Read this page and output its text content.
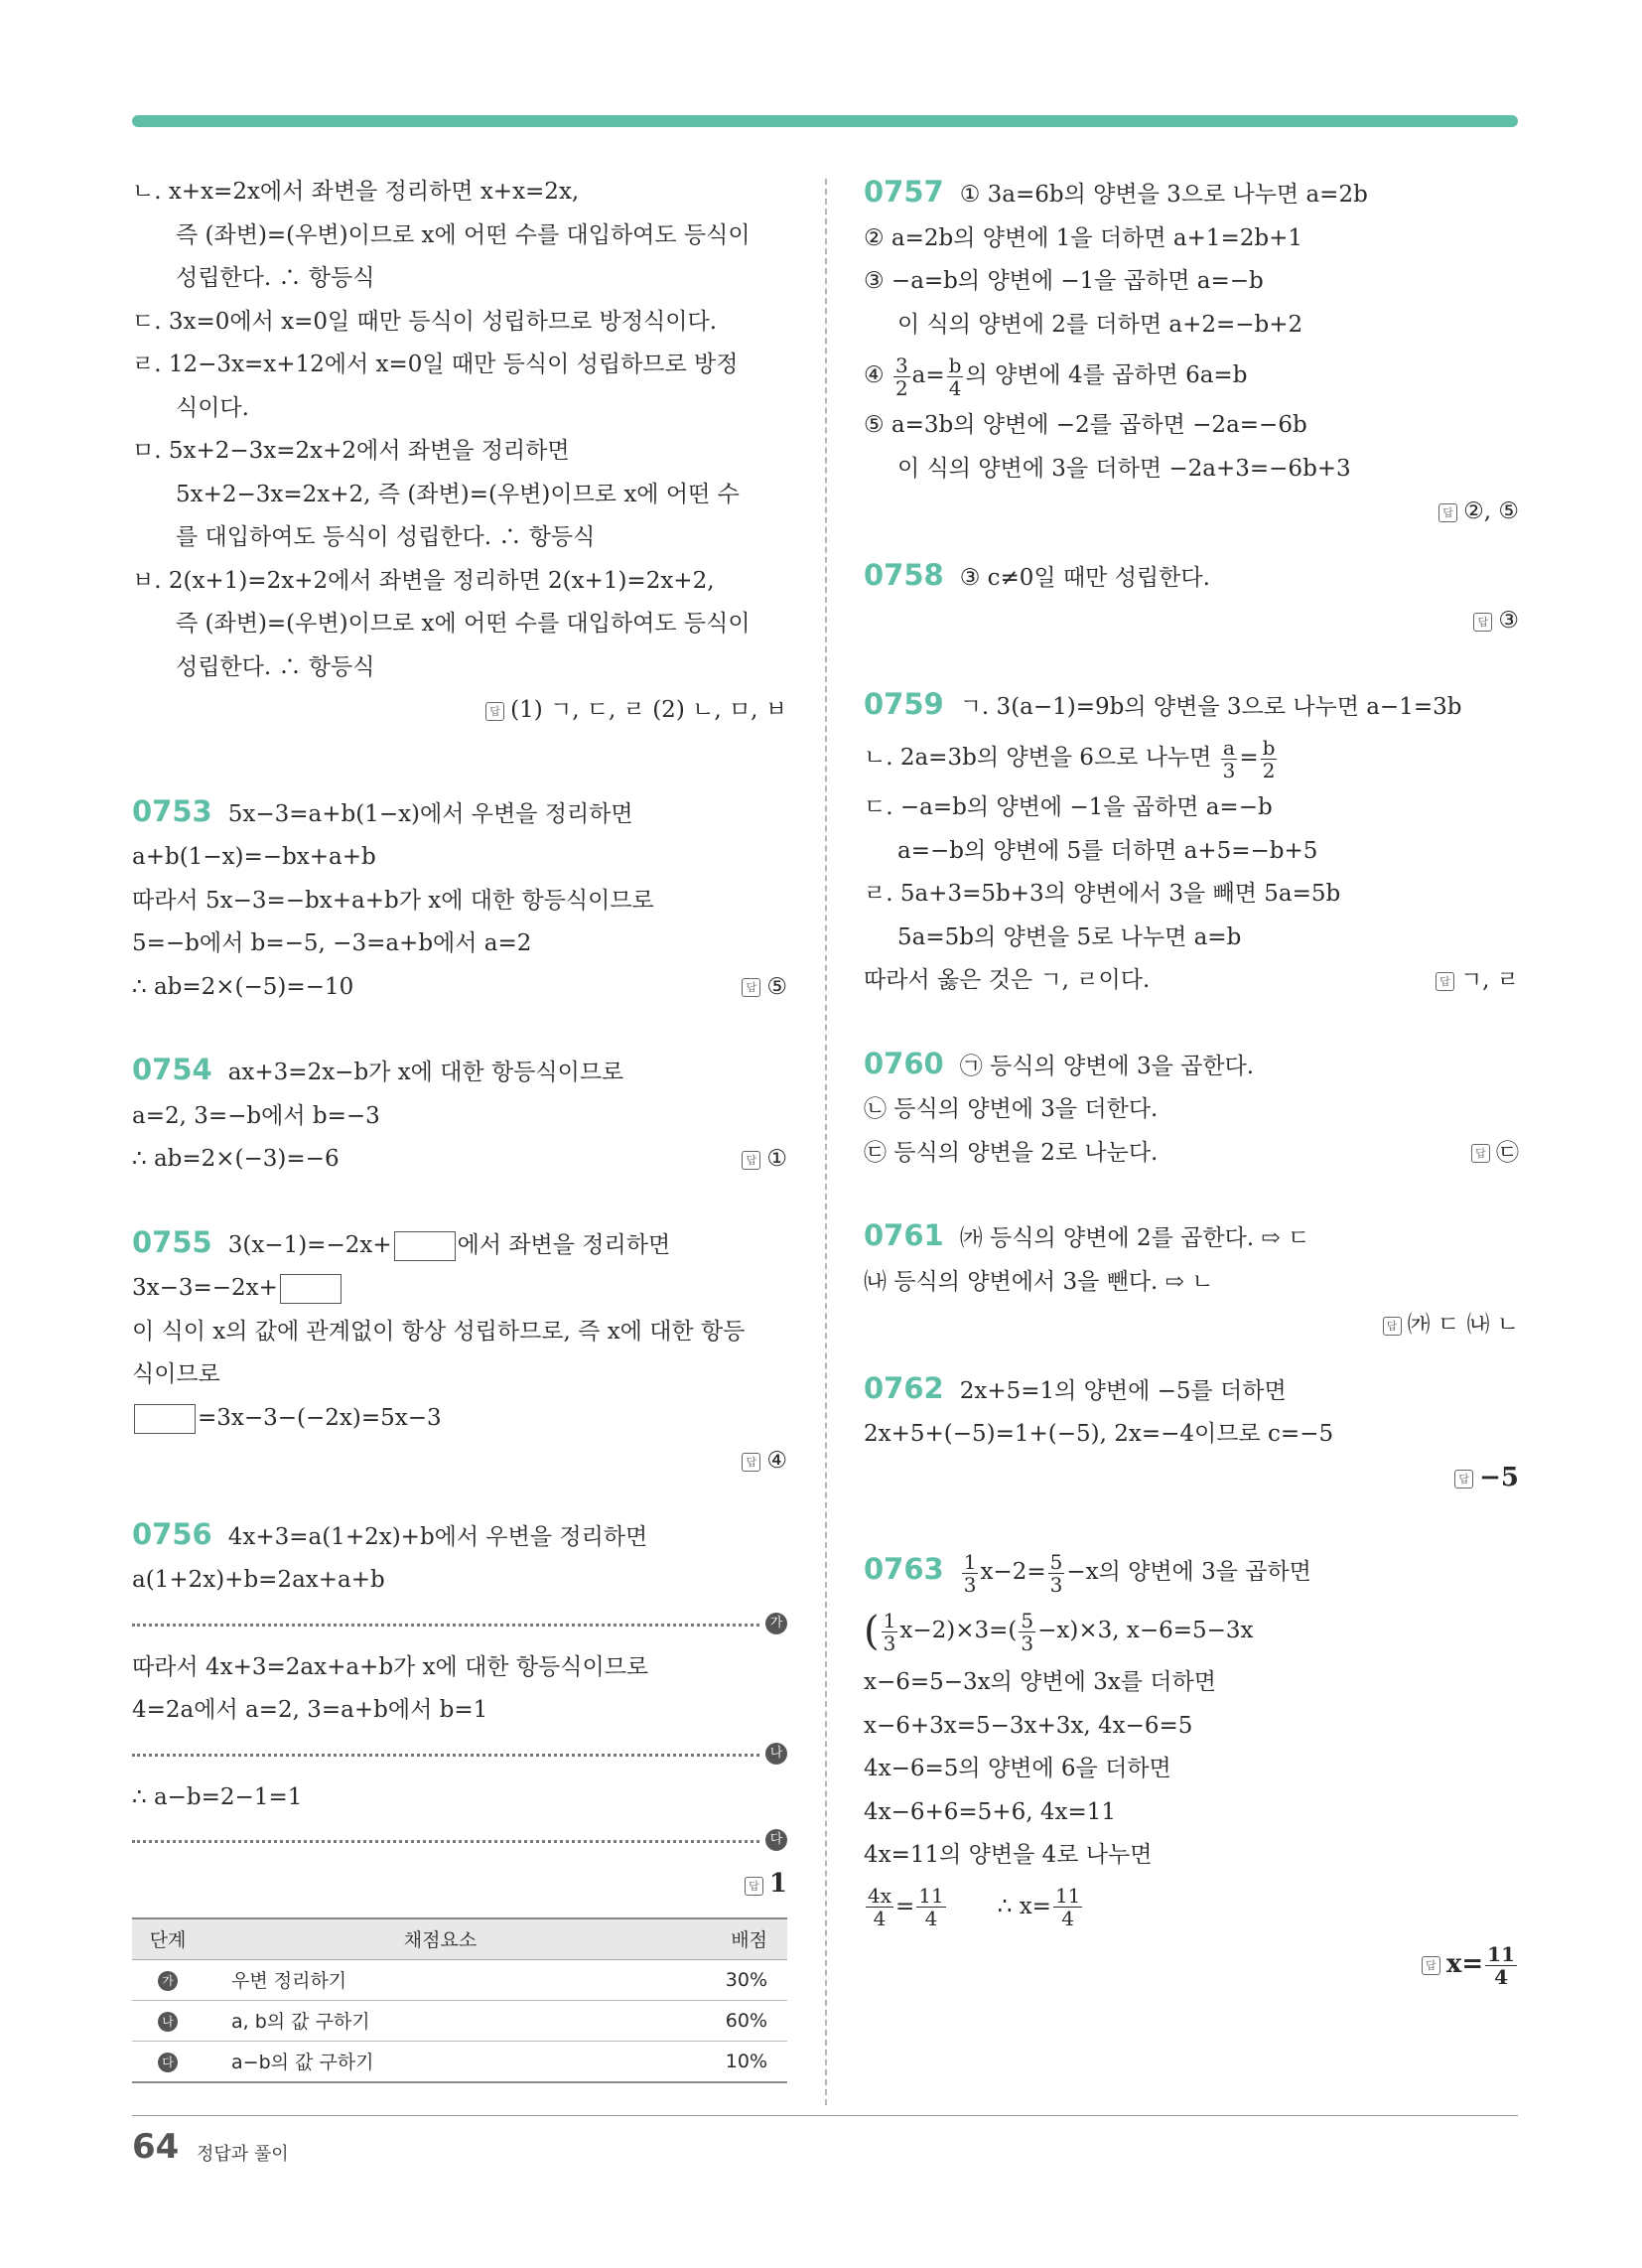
ㄴ. x+x=2x에서 좌변을 정리하면 x+x=2x,
즉 (좌변)=(우변)이므로 x에 어떤 수를 대입하여도 등식이
성립한다. ∴ 항등식
ㄷ. 3x=0에서 x=0일 때만 등식이 성립하므로 방정식이다.
ㄹ. 12−3x=x+12에서 x=0일 때만 등식이 성립하므로 방정
식이다.
ㅁ. 5x+2−3x=2x+2에서 좌변을 정리하면
5x+2−3x=2x+2, 즉 (좌변)=(우변)이므로 x에 어떤 수
를 대입하여도 등식이 성립한다. ∴ 항등식
ㅂ. 2(x+1)=2x+2에서 좌변을 정리하면 2(x+1)=2x+2,
즉 (좌변)=(우변)이므로 x에 어떤 수를 대입하여도 등식이
성립한다. ∴ 항등식
답 (1) ㄱ, ㄷ, ㄹ (2) ㄴ, ㅁ, ㅂ
0753 5x−3=a+b(1−x)에서 우변을 정리하면
a+b(1−x)=−bx+a+b
따라서 5x−3=−bx+a+b가 x에 대한 항등식이므로
5=−b에서 b=−5, −3=a+b에서 a=2
∴ ab=2×(−5)=−10	답 ⑤
0754 ax+3=2x−b가 x에 대한 항등식이므로
a=2, 3=−b에서 b=−3
∴ ab=2×(−3)=−6	답 ①
0755 3(x−1)=−2x+	에서 좌변을 정리하면
3x−3=−2x+
이 식이 x의 값에 관계없이 항상 성립하므로, 즉 x에 대한 항등
식이므로
=3x−3−(−2x)=5x−3
답 ④
0756 4x+3=a(1+2x)+b에서 우변을 정리하면
a(1+2x)+b=2ax+a+b
가
따라서 4x+3=2ax+a+b가 x에 대한 항등식이므로
4=2a에서 a=2, 3=a+b에서 b=1
나
∴ a−b=2−1=1
다
답 1
단계	채점요소	배점
가	우변 정리하기	30%
나	a, b의 값 구하기	60%
다	a−b의 값 구하기	10%
0757 ① 3a=6b의 양변을 3으로 나누면 a=2b
② a=2b의 양변에 1을 더하면 a+1=2b+1
③ −a=b의 양변에 −1을 곱하면 a=−b
이 식의 양변에 2를 더하면 a+2=−b+2
④ $\frac{3}{2} a= \frac{b}{4}$ 의 양변에 4를 곱하면 6a=b
⑤ a=3b의 양변에 −2를 곱하면 −2a=−6b
이 식의 양변에 3을 더하면 −2a+3=−6b+3
답 ②, ⑤
0758 ③ c≠0일 때만 성립한다.
답 ③
0759 ㄱ. 3(a−1)=9b의 양변을 3으로 나누면 a−1=3b
ㄴ. 2a=3b의 양변을 6으로 나누면 $\frac{a}{3} = \frac{b}{2}$
ㄷ. −a=b의 양변에 −1을 곱하면 a=−b
a=−b의 양변에 5를 더하면 a+5=−b+5
ㄹ. 5a+3=5b+3의 양변에서 3을 빼면 5a=5b
5a=5b의 양변을 5로 나누면 a=b
따라서 옳은 것은 ㄱ, ㄹ이다.	답 ㄱ, ㄹ
0760 ㉠ 등식의 양변에 3을 곱한다.
㉡ 등식의 양변에 3을 더한다.
㉢ 등식의 양변을 2로 나눈다.	답 ㉢
0761 ㈎ 등식의 양변에 2를 곱한다. ⇨ ㄷ
㈏ 등식의 양변에서 3을 뺀다. ⇨ ㄴ
답 ㈎ ㄷ ㈏ ㄴ
0762 2x+5=1의 양변에 −5를 더하면
2x+5+(−5)=1+(−5), 2x=−4이므로 c=−5
답 −5
$0763 \frac{1}{3} x-2= \frac{5}{3} -x$의 양변에 3을 곱하면
( $\frac{1}{3} x-2)\times 3=( \frac{5}{3} -x)\times 3$, x−6=5−3x
x−6=5−3x의 양변에 3x를 더하면
x−6+3x=5−3x+3x, 4x−6=5
4x−6=5의 양변에 6을 더하면
4x−6+6=5+6, 4x=11
4x=11의 양변을 4로 나누면
$\frac{4x}{4} = \frac{11}{4}$ ∴ $x= \frac{11}{4}$
답 $x= \frac{11}{4}$
64 정답과 풀이
